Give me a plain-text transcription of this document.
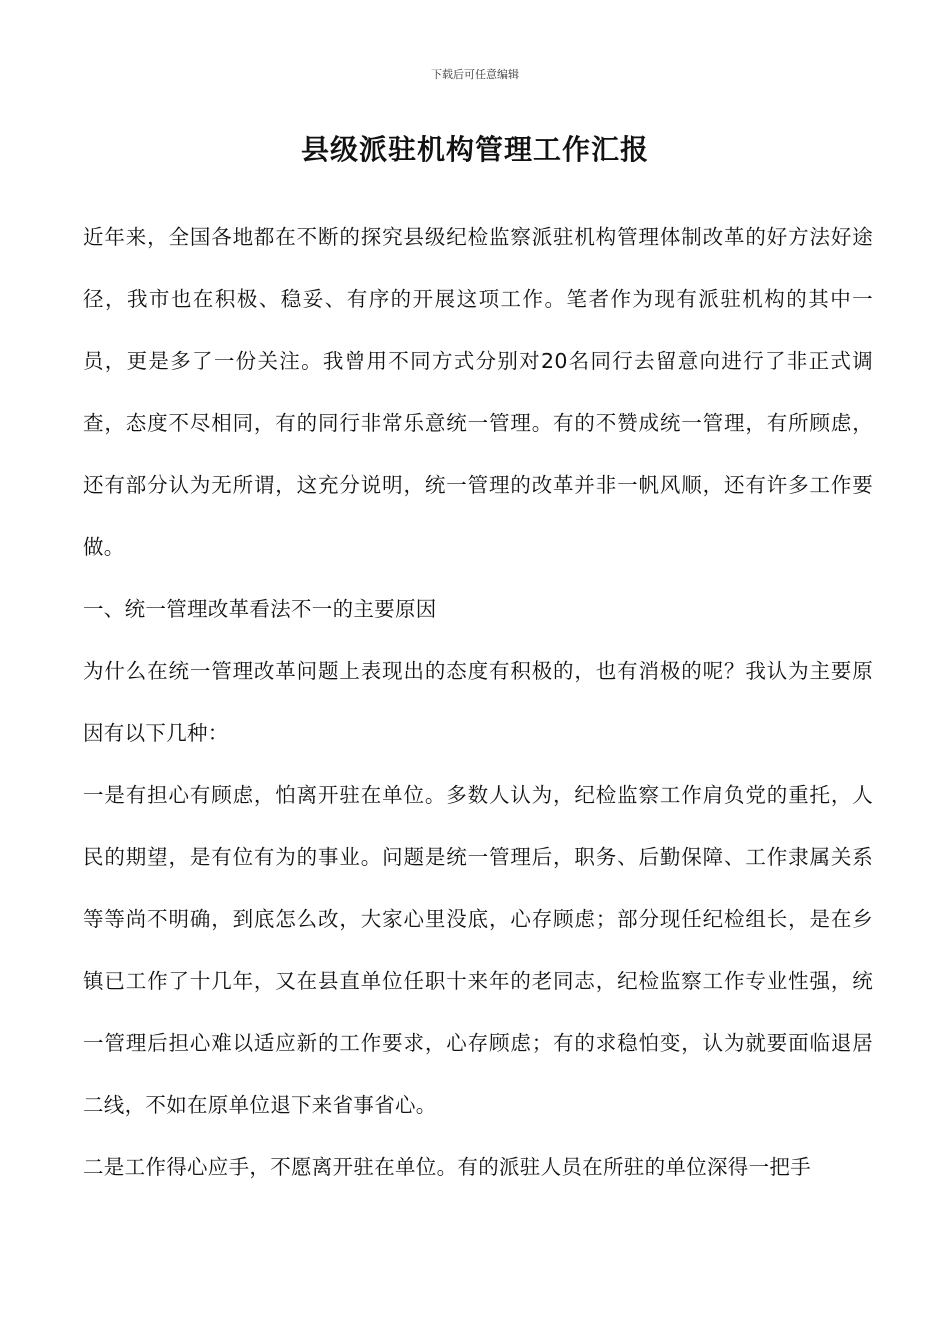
下载后可任意编辑
县级派驻机构管理工作汇报

近年来，全国各地都在不断的探究县级纪检监察派驻机构管理体制改革的好方法好途径，我市也在积极、稳妥、有序的开展这项工作。笔者作为现有派驻机构的其中一员，更是多了一份关注。我曾用不同方式分别对20名同行去留意向进行了非正式调查，态度不尽相同，有的同行非常乐意统一管理。有的不赞成统一管理，有所顾虑，还有部分认为无所谓，这充分说明，统一管理的改革并非一帆风顺，还有许多工作要做。

一、统一管理改革看法不一的主要原因

为什么在统一管理改革问题上表现出的态度有积极的，也有消极的呢？我认为主要原因有以下几种：

一是有担心有顾虑，怕离开驻在单位。多数人认为，纪检监察工作肩负党的重托，人民的期望，是有位有为的事业。问题是统一管理后，职务、后勤保障、工作隶属关系等等尚不明确，到底怎么改，大家心里没底，心存顾虑；部分现任纪检组长，是在乡镇已工作了十几年，又在县直单位任职十来年的老同志，纪检监察工作专业性强，统一管理后担心难以适应新的工作要求，心存顾虑；有的求稳怕变，认为就要面临退居二线，不如在原单位退下来省事省心。

二是工作得心应手，不愿离开驻在单位。有的派驻人员在所驻的单位深得一把手
